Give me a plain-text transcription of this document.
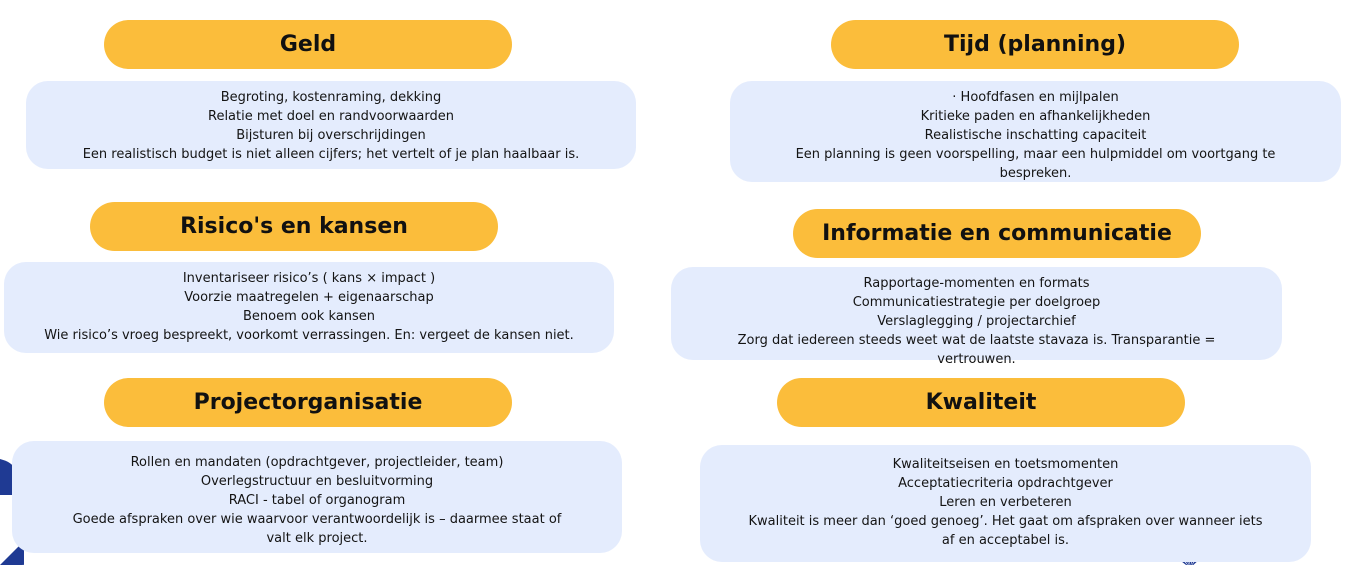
Geld
Begroting, kostenraming, dekking
Relatie met doel en randvoorwaarden
Bijsturen bij overschrijdingen
Een realistisch budget is niet alleen cijfers; het vertelt of je plan haalbaar is.
Tijd (planning)
· Hoofdfasen en mijlpalen
Kritieke paden en afhankelijkheden
Realistische inschatting capaciteit
Een planning is geen voorspelling, maar een hulpmiddel om voortgang te
bespreken.
Risico's en kansen
Inventariseer risico’s ( kans × impact )
Voorzie maatregelen + eigenaarschap
Benoem ook kansen
Wie risico’s vroeg bespreekt, voorkomt verrassingen. En: vergeet de kansen niet.
Informatie en communicatie
Rapportage-momenten en formats
Communicatiestrategie per doelgroep
Verslaglegging / projectarchief
Zorg dat iedereen steeds weet wat de laatste stavaza is. Transparantie =
vertrouwen.
Projectorganisatie
Rollen en mandaten (opdrachtgever, projectleider, team)
Overlegstructuur en besluitvorming
RACI - tabel of organogram
Goede afspraken over wie waarvoor verantwoordelijk is – daarmee staat of
valt elk project.
Kwaliteit
Kwaliteitseisen en toetsmomenten
Acceptatiecriteria opdrachtgever
Leren en verbeteren
Kwaliteit is meer dan ‘goed genoeg’. Het gaat om afspraken over wanneer iets
af en acceptabel is.
